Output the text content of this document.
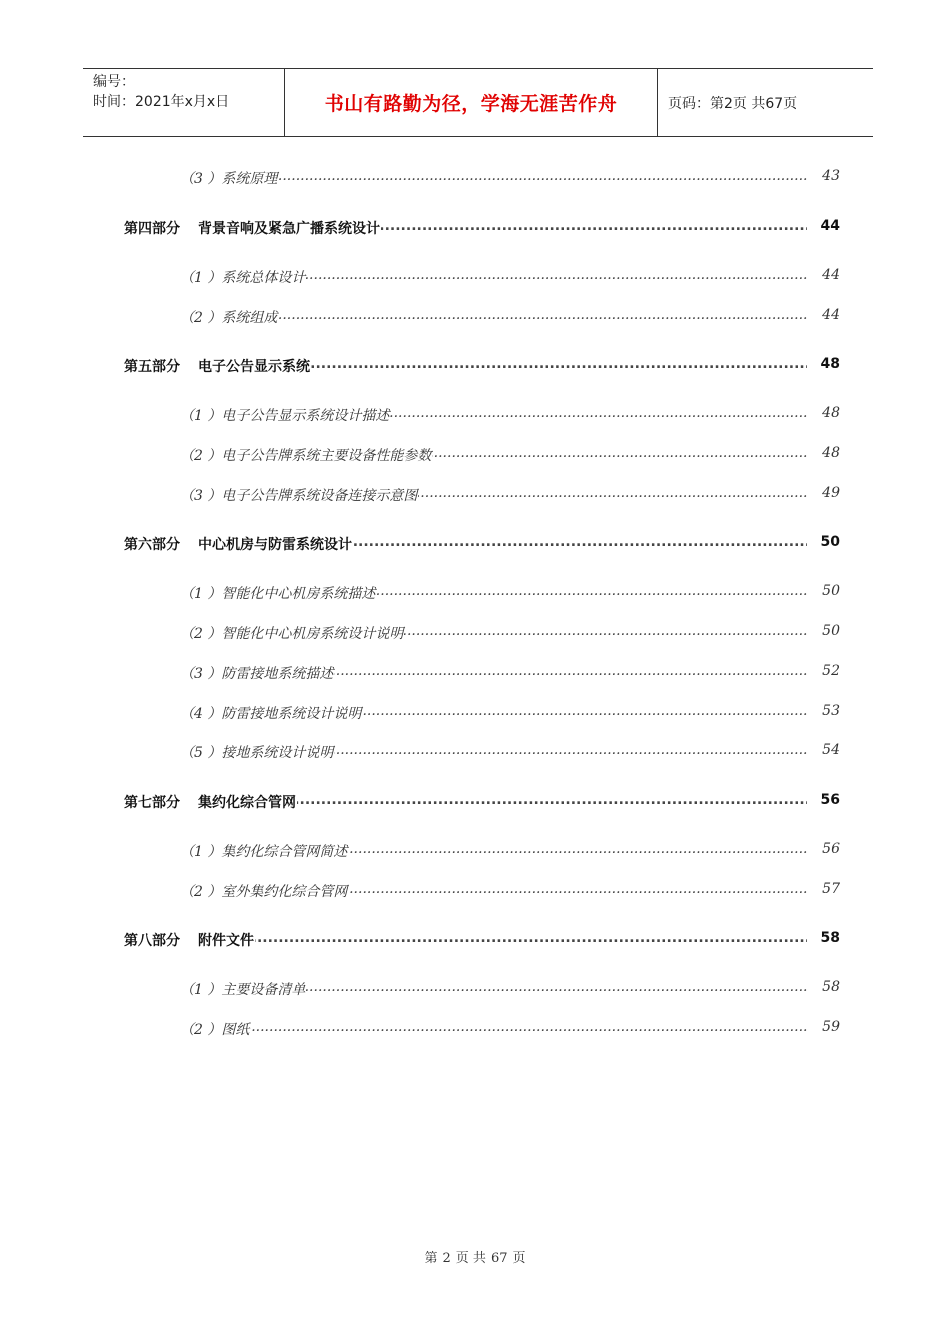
编号：
时间：2021年x月x日	书山有路勤为径，学海无涯苦作舟	页码：第2页 共67页
.....
（3 ）系统原理	43
.....
第四部分 背景音响及紧急广播系统设计	44
.....
（1 ）系统总体设计	44
.....
（2 ）系统组成	44
.....
第五部分 电子公告显示系统	48
.....
（1 ）电子公告显示系统设计描述	48
.....
（2 ）电子公告牌系统主要设备性能参数	48
.....
（3 ）电子公告牌系统设备连接示意图	49
.....
第六部分 中心机房与防雷系统设计	50
.....
（1 ）智能化中心机房系统描述	50
.....
（2 ）智能化中心机房系统设计说明	50
.....
（3 ）防雷接地系统描述	52
.....
（4 ）防雷接地系统设计说明	53
.....
（5 ）接地系统设计说明	54
.....
第七部分 集约化综合管网	56
.....
（1 ）集约化综合管网简述	56
.....
（2 ）室外集约化综合管网	57
.....
第八部分 附件文件	58
.....
（1 ）主要设备清单	58
.....
（2 ）图纸	59
第 2 页 共 67 页
